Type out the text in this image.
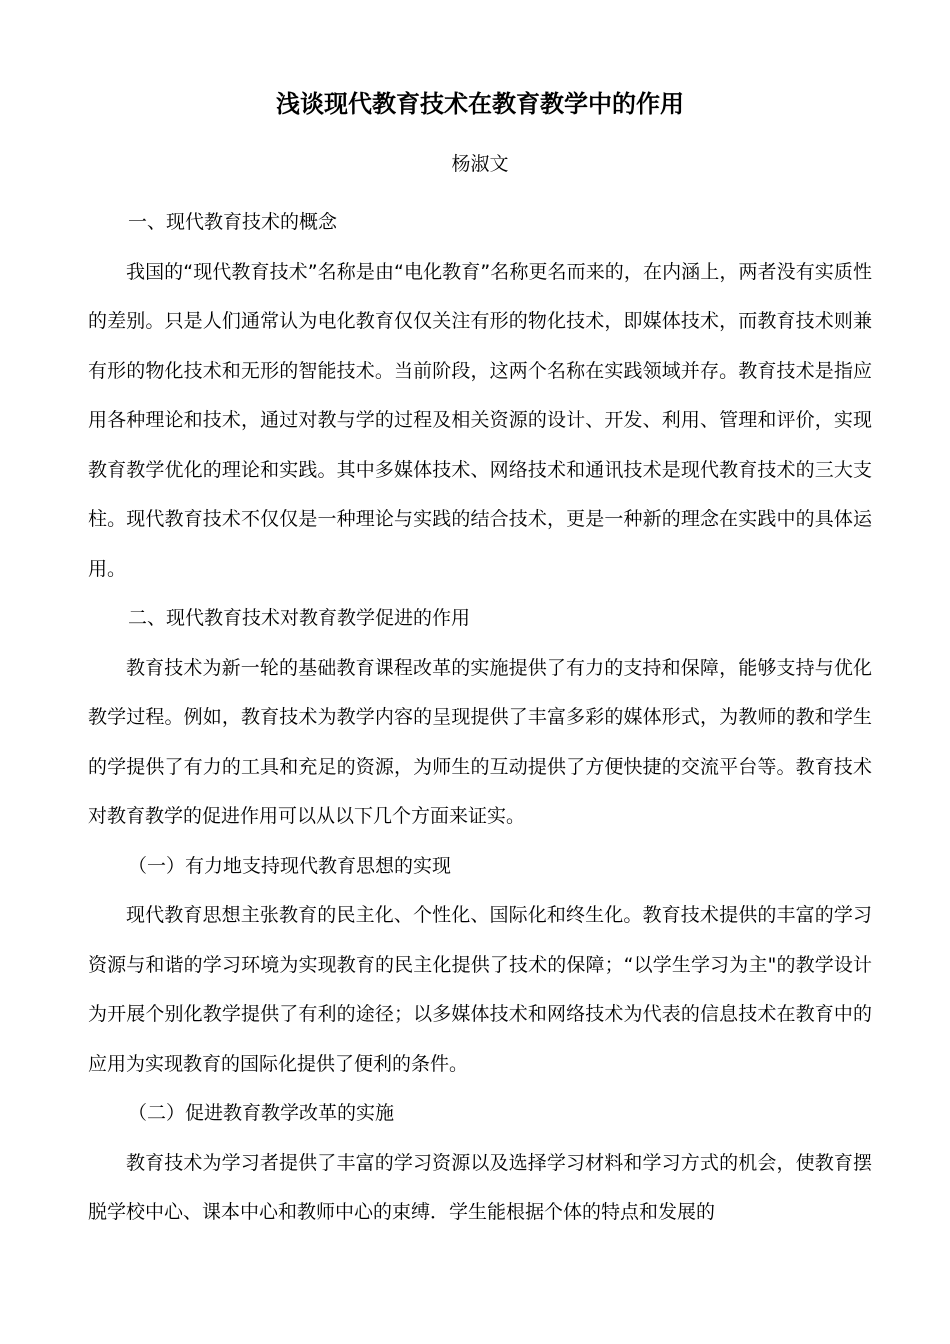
浅谈现代教育技术在教育教学中的作用
杨淑文

一、现代教育技术的概念

我国的“现代教育技术”名称是由“电化教育”名称更名而来的，在内涵上，两者没有实质性的差别。只是人们通常认为电化教育仅仅关注有形的物化技术，即媒体技术，而教育技术则兼有形的物化技术和无形的智能技术。当前阶段，这两个名称在实践领域并存。教育技术是指应用各种理论和技术，通过对教与学的过程及相关资源的设计、开发、利用、管理和评价，实现教育教学优化的理论和实践。其中多媒体技术、网络技术和通讯技术是现代教育技术的三大支柱。现代教育技术不仅仅是一种理论与实践的结合技术，更是一种新的理念在实践中的具体运用。

二、现代教育技术对教育教学促进的作用

教育技术为新一轮的基础教育课程改革的实施提供了有力的支持和保障，能够支持与优化教学过程。例如，教育技术为教学内容的呈现提供了丰富多彩的媒体形式，为教师的教和学生的学提供了有力的工具和充足的资源，为师生的互动提供了方便快捷的交流平台等。教育技术对教育教学的促进作用可以从以下几个方面来证实。

（一）有力地支持现代教育思想的实现

现代教育思想主张教育的民主化、个性化、国际化和终生化。教育技术提供的丰富的学习资源与和谐的学习环境为实现教育的民主化提供了技术的保障；“以学生学习为主"的教学设计为开展个别化教学提供了有利的途径；以多媒体技术和网络技术为代表的信息技术在教育中的应用为实现教育的国际化提供了便利的条件。

（二）促进教育教学改革的实施

教育技术为学习者提供了丰富的学习资源以及选择学习材料和学习方式的机会，使教育摆脱学校中心、课本中心和教师中心的束缚．学生能根据个体的特点和发展的
